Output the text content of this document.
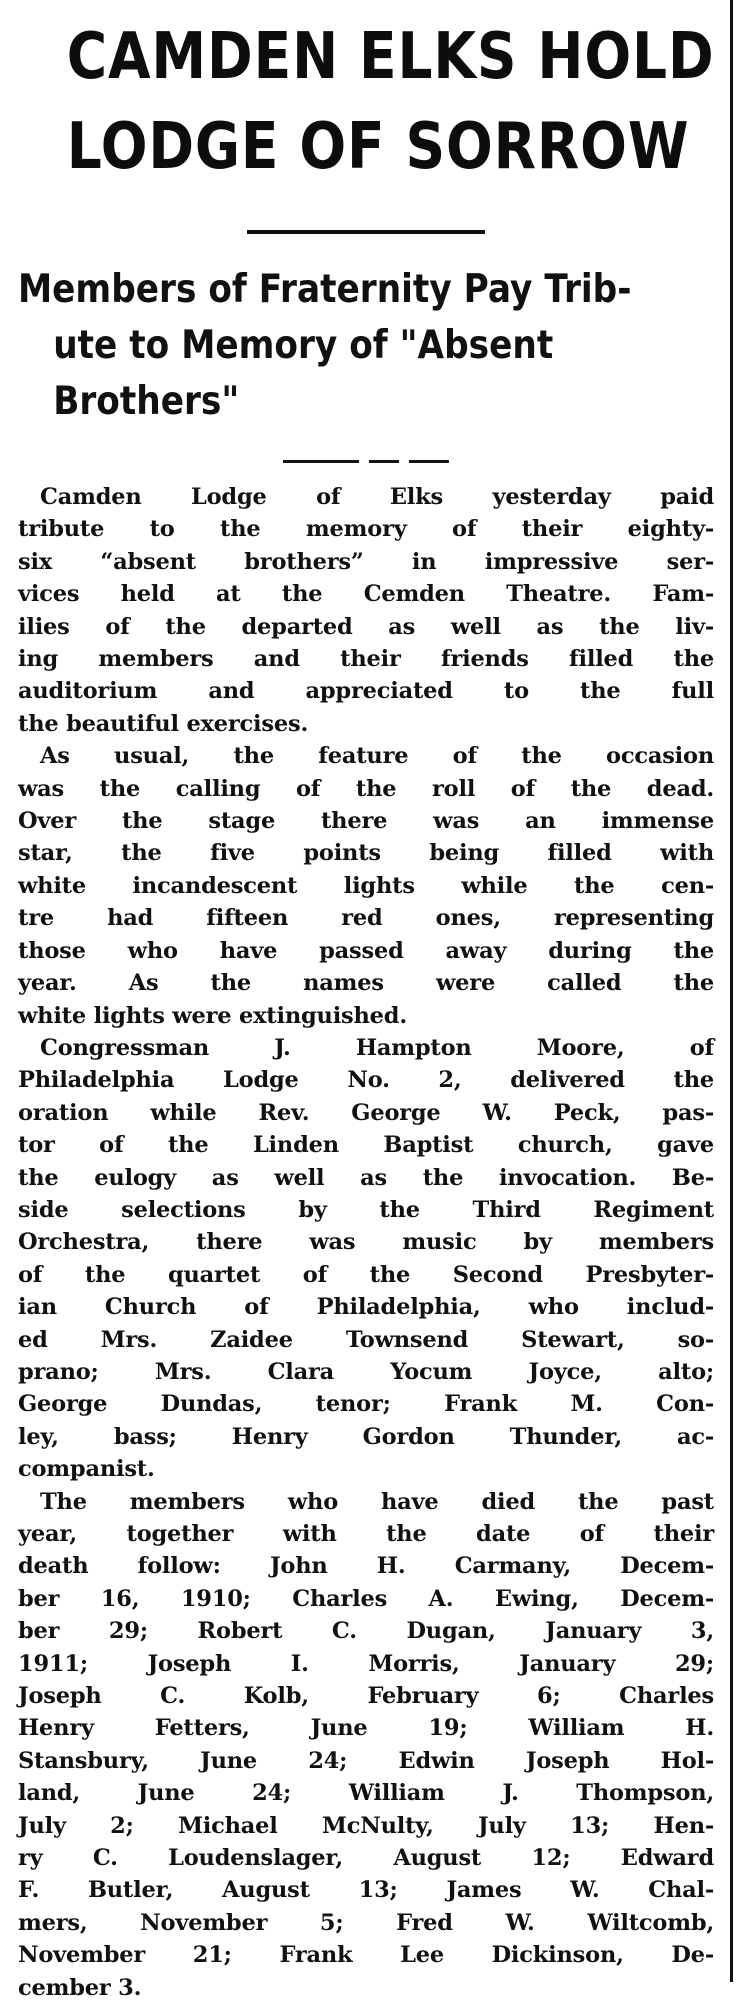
CAMDEN ELKS HOLD
LODGE OF SORROW
Members of Fraternity Pay Trib-
ute to Memory of "Absent
Brothers"
Camden Lodge of Elks yesterday paid
tribute to the memory of their eighty-
six “absent brothers” in impressive ser-
vices held at the Cemden Theatre. Fam-
ilies of the departed as well as the liv-
ing members and their friends filled the
auditorium and appreciated to the full
the beautiful exercises.
As usual, the feature of the occasion
was the calling of the roll of the dead.
Over the stage there was an immense
star, the five points being filled with
white incandescent lights while the cen-
tre had fifteen red ones, representing
those who have passed away during the
year. As the names were called the
white lights were extinguished.
Congressman J. Hampton Moore, of
Philadelphia Lodge No. 2, delivered the
oration while Rev. George W. Peck, pas-
tor of the Linden Baptist church, gave
the eulogy as well as the invocation. Be-
side selections by the Third Regiment
Orchestra, there was music by members
of the quartet of the Second Presbyter-
ian Church of Philadelphia, who includ-
ed Mrs. Zaidee Townsend Stewart, so-
prano; Mrs. Clara Yocum Joyce, alto;
George Dundas, tenor; Frank M. Con-
ley, bass; Henry Gordon Thunder, ac-
companist.
The members who have died the past
year, together with the date of their
death follow: John H. Carmany, Decem-
ber 16, 1910; Charles A. Ewing, Decem-
ber 29; Robert C. Dugan, January 3,
1911; Joseph I. Morris, January 29;
Joseph C. Kolb, February 6; Charles
Henry Fetters, June 19; William H.
Stansbury, June 24; Edwin Joseph Hol-
land, June 24; William J. Thompson,
July 2; Michael McNulty, July 13; Hen-
ry C. Loudenslager, August 12; Edward
F. Butler, August 13; James W. Chal-
mers, November 5; Fred W. Wiltcomb,
November 21; Frank Lee Dickinson, De-
cember 3.
